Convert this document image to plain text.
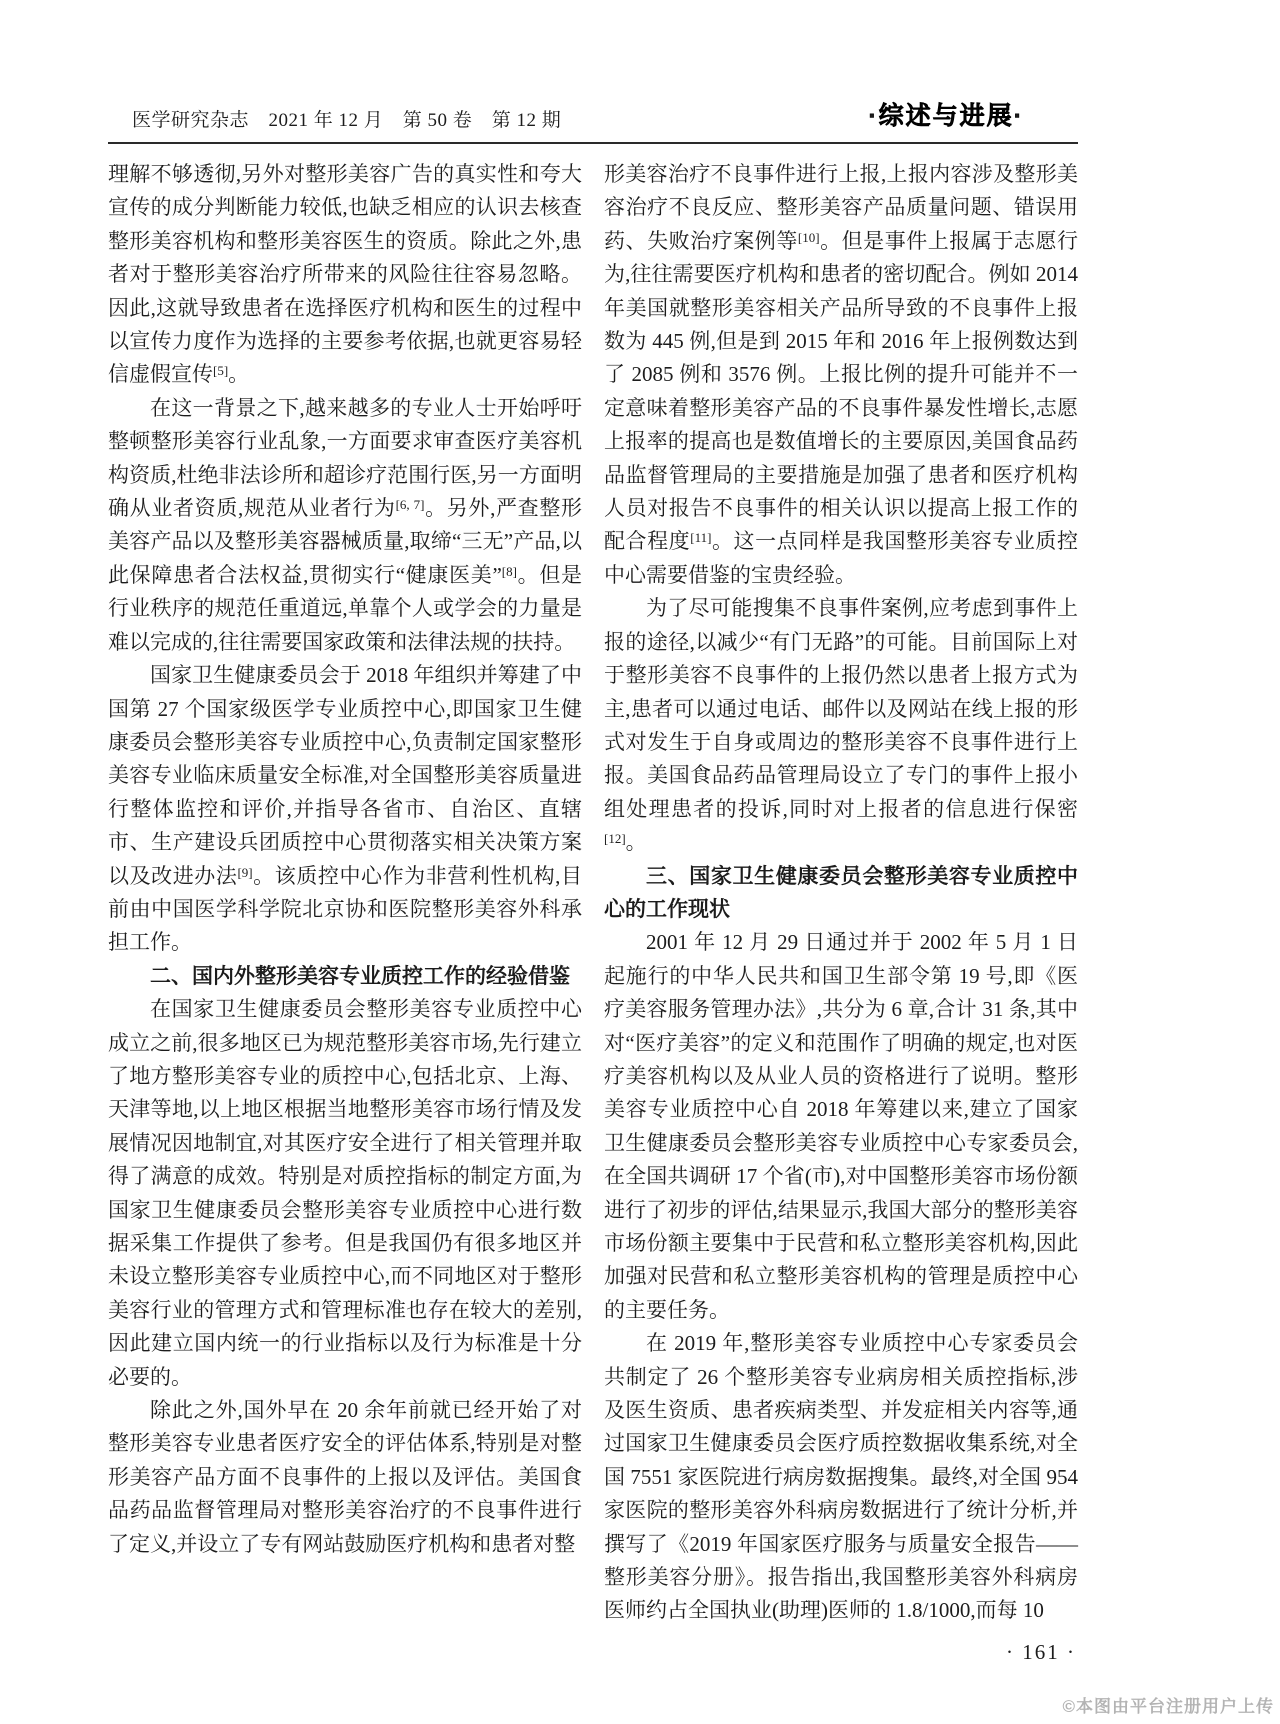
医学研究杂志　2021 年 12 月　第 50 卷　第 12 期	·综述与进展·

理解不够透彻,另外对整形美容广告的真实性和夸大宣传的成分判断能力较低,也缺乏相应的认识去核查整形美容机构和整形美容医生的资质。除此之外,患者对于整形美容治疗所带来的风险往往容易忽略。因此,这就导致患者在选择医疗机构和医生的过程中以宣传力度作为选择的主要参考依据,也就更容易轻信虚假宣传[5]。

在这一背景之下,越来越多的专业人士开始呼吁整顿整形美容行业乱象,一方面要求审查医疗美容机构资质,杜绝非法诊所和超诊疗范围行医,另一方面明确从业者资质,规范从业者行为[6, 7]。另外,严查整形美容产品以及整形美容器械质量,取缔“三无”产品,以此保障患者合法权益,贯彻实行“健康医美”[8]。但是行业秩序的规范任重道远,单靠个人或学会的力量是难以完成的,往往需要国家政策和法律法规的扶持。

国家卫生健康委员会于 2018 年组织并筹建了中国第 27 个国家级医学专业质控中心,即国家卫生健康委员会整形美容专业质控中心,负责制定国家整形美容专业临床质量安全标准,对全国整形美容质量进行整体监控和评价,并指导各省市、自治区、直辖市、生产建设兵团质控中心贯彻落实相关决策方案以及改进办法[9]。该质控中心作为非营利性机构,目前由中国医学科学院北京协和医院整形美容外科承担工作。

二、国内外整形美容专业质控工作的经验借鉴

在国家卫生健康委员会整形美容专业质控中心成立之前,很多地区已为规范整形美容市场,先行建立了地方整形美容专业的质控中心,包括北京、上海、天津等地,以上地区根据当地整形美容市场行情及发展情况因地制宜,对其医疗安全进行了相关管理并取得了满意的成效。特别是对质控指标的制定方面,为国家卫生健康委员会整形美容专业质控中心进行数据采集工作提供了参考。但是我国仍有很多地区并未设立整形美容专业质控中心,而不同地区对于整形美容行业的管理方式和管理标准也存在较大的差别,因此建立国内统一的行业指标以及行为标准是十分必要的。

除此之外,国外早在 20 余年前就已经开始了对整形美容专业患者医疗安全的评估体系,特别是对整形美容产品方面不良事件的上报以及评估。美国食品药品监督管理局对整形美容治疗的不良事件进行了定义,并设立了专有网站鼓励医疗机构和患者对整

形美容治疗不良事件进行上报,上报内容涉及整形美容治疗不良反应、整形美容产品质量问题、错误用药、失败治疗案例等[10]。但是事件上报属于志愿行为,往往需要医疗机构和患者的密切配合。例如 2014 年美国就整形美容相关产品所导致的不良事件上报数为 445 例,但是到 2015 年和 2016 年上报例数达到了 2085 例和 3576 例。上报比例的提升可能并不一定意味着整形美容产品的不良事件暴发性增长,志愿上报率的提高也是数值增长的主要原因,美国食品药品监督管理局的主要措施是加强了患者和医疗机构人员对报告不良事件的相关认识以提高上报工作的配合程度[11]。这一点同样是我国整形美容专业质控中心需要借鉴的宝贵经验。

为了尽可能搜集不良事件案例,应考虑到事件上报的途径,以减少“有门无路”的可能。目前国际上对于整形美容不良事件的上报仍然以患者上报方式为主,患者可以通过电话、邮件以及网站在线上报的形式对发生于自身或周边的整形美容不良事件进行上报。美国食品药品管理局设立了专门的事件上报小组处理患者的投诉,同时对上报者的信息进行保密[12]。

三、国家卫生健康委员会整形美容专业质控中心的工作现状

2001 年 12 月 29 日通过并于 2002 年 5 月 1 日起施行的中华人民共和国卫生部令第 19 号,即《医疗美容服务管理办法》,共分为 6 章,合计 31 条,其中对“医疗美容”的定义和范围作了明确的规定,也对医疗美容机构以及从业人员的资格进行了说明。整形美容专业质控中心自 2018 年筹建以来,建立了国家卫生健康委员会整形美容专业质控中心专家委员会,在全国共调研 17 个省(市),对中国整形美容市场份额进行了初步的评估,结果显示,我国大部分的整形美容市场份额主要集中于民营和私立整形美容机构,因此加强对民营和私立整形美容机构的管理是质控中心的主要任务。

在 2019 年,整形美容专业质控中心专家委员会共制定了 26 个整形美容专业病房相关质控指标,涉及医生资质、患者疾病类型、并发症相关内容等,通过国家卫生健康委员会医疗质控数据收集系统,对全国 7551 家医院进行病房数据搜集。最终,对全国 954 家医院的整形美容外科病房数据进行了统计分析,并撰写了《2019 年国家医疗服务与质量安全报告——整形美容分册》。报告指出,我国整形美容外科病房医师约占全国执业(助理)医师的 1.8/1000,而每 10

· 161 ·
©本图由平台注册用户上传
